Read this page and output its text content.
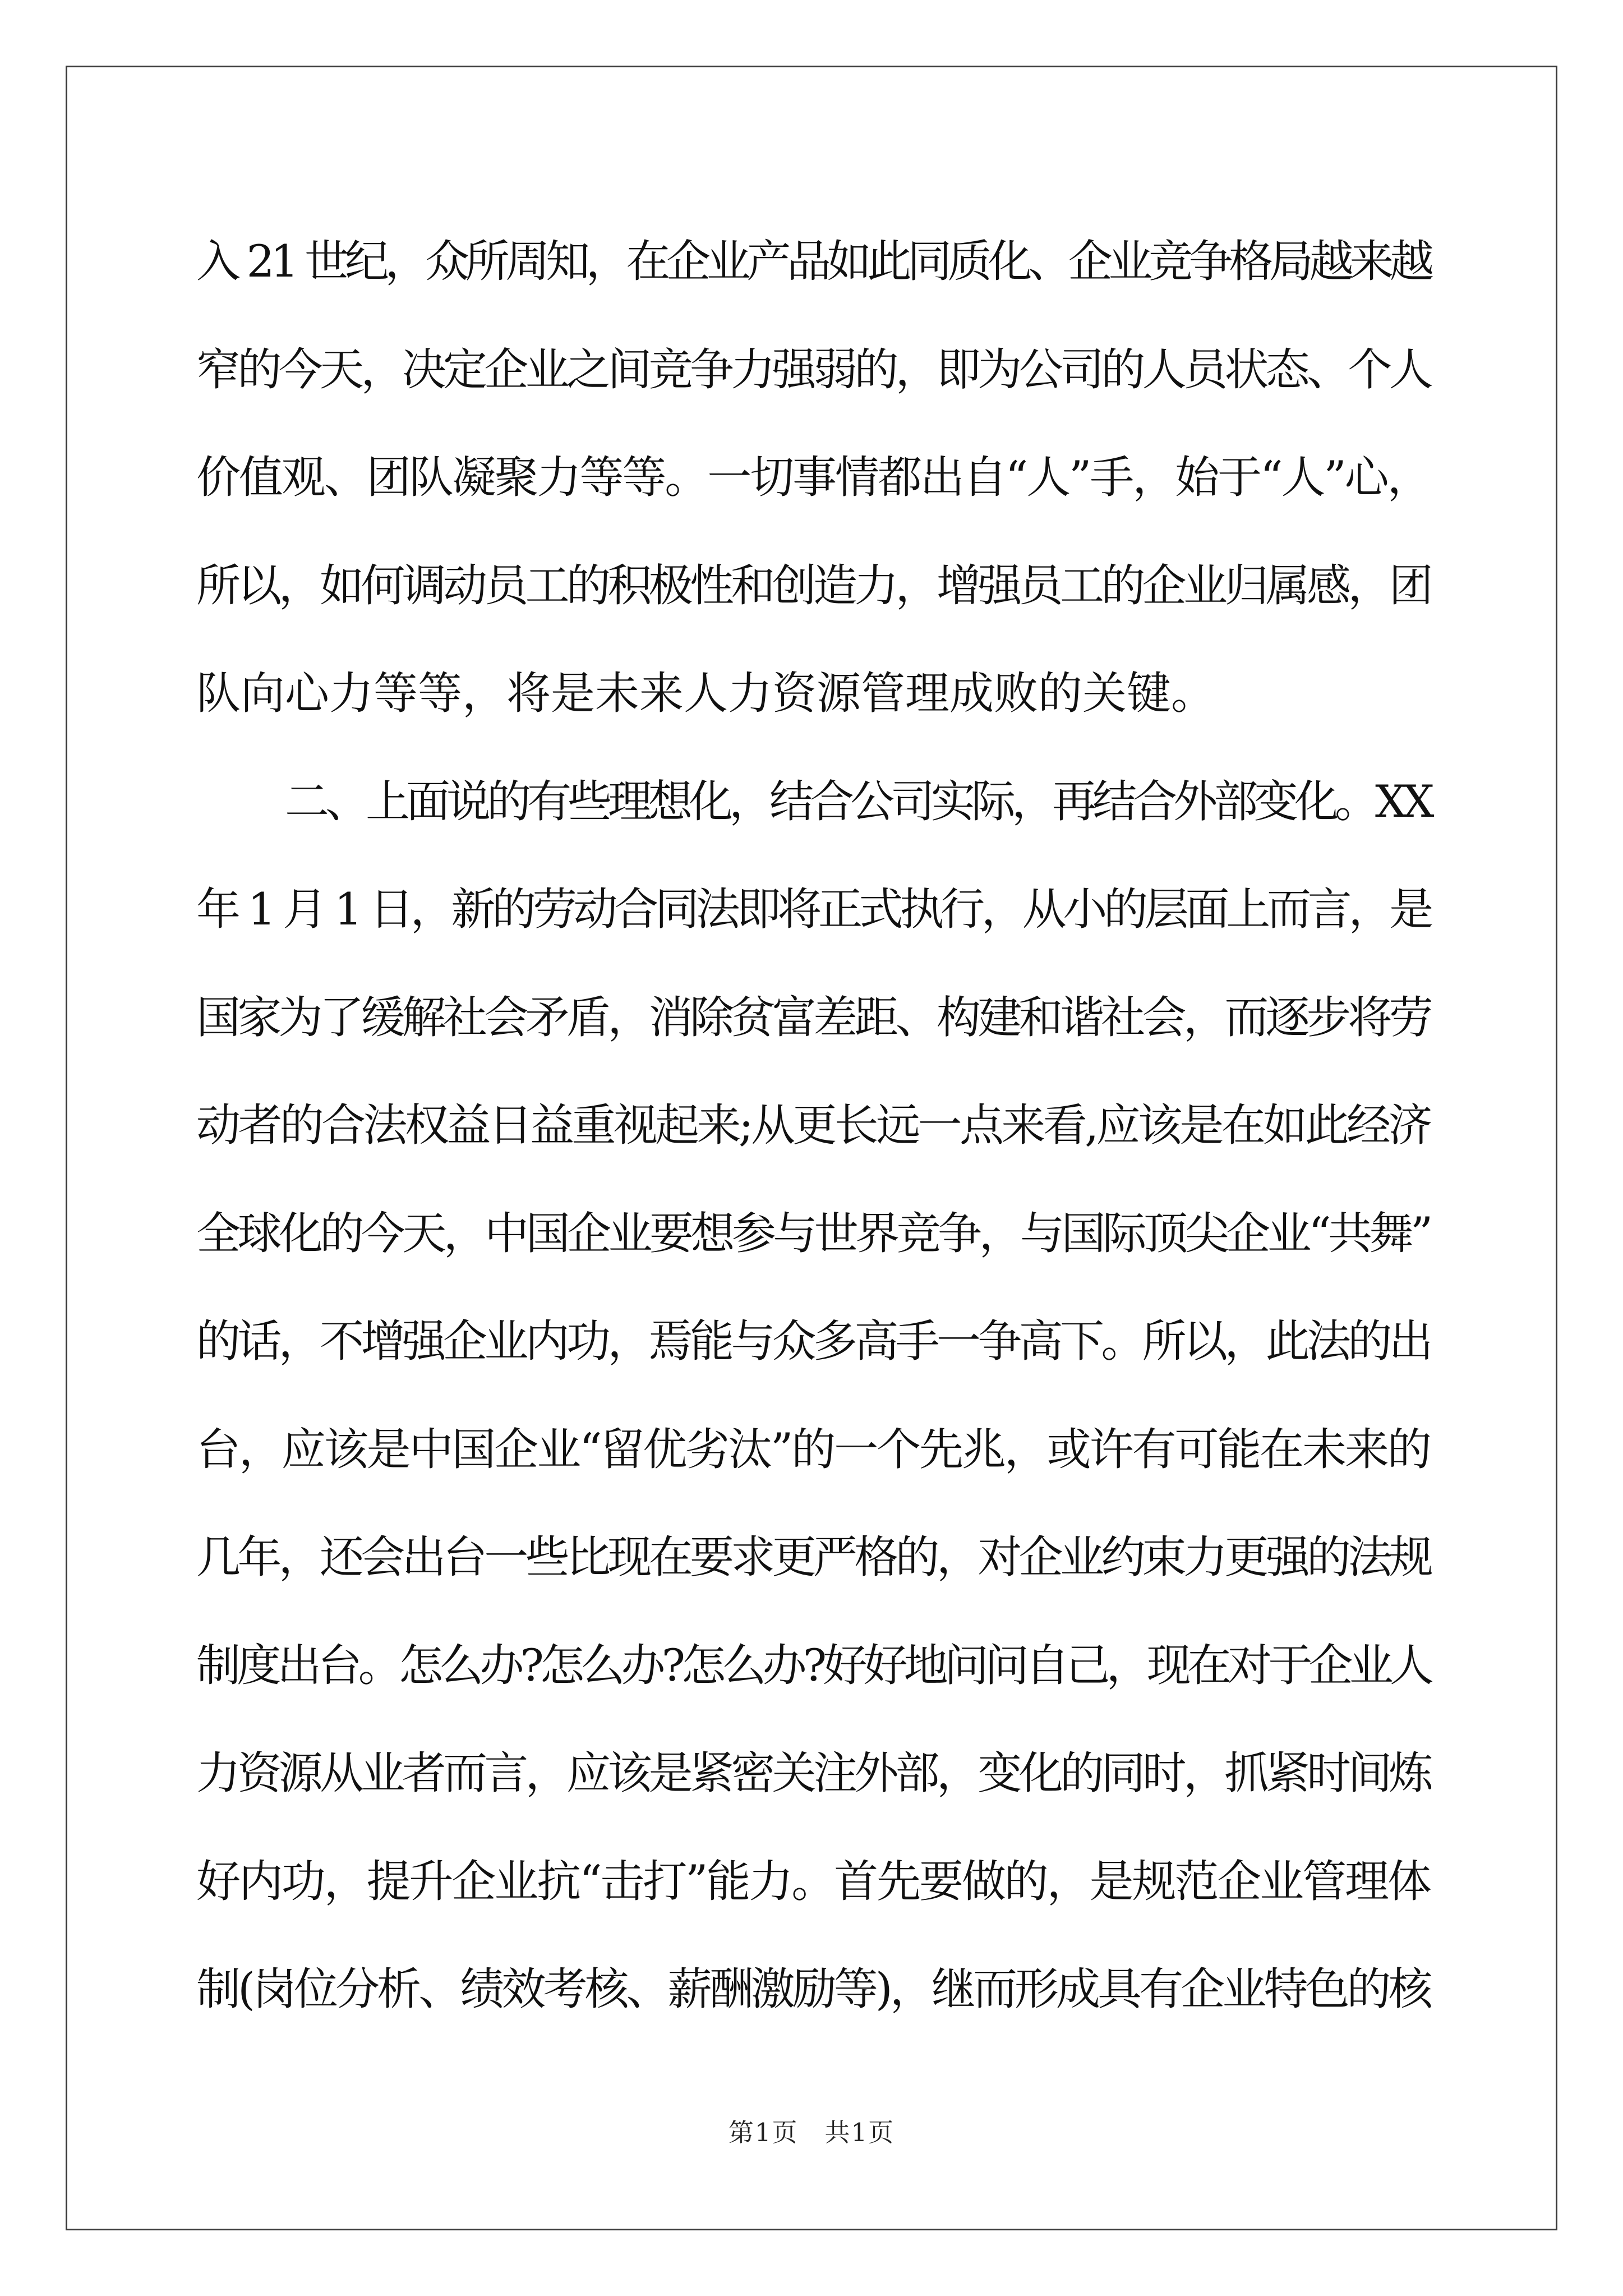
入 21 世纪，众所周知，在企业产品如此同质化、企业竞争格局越来越
窄的今天，决定企业之间竞争力强弱的，即为公司的人员状态、个人
价值观、团队凝聚力等等。一切事情都出自“人”手，始于“人”心，
所以，如何调动员工的积极性和创造力，增强员工的企业归属感，团
队向心力等等，将是未来人力资源管理成败的关键。
二、上面说的有些理想化，结合公司实际，再结合外部变化。XX
年 1 月 1 日，新的劳动合同法即将正式执行，从小的层面上而言，是
国家为了缓解社会矛盾，消除贫富差距、构建和谐社会，而逐步将劳
动者的合法权益日益重视起来;从更长远一点来看,应该是在如此经济
全球化的今天，中国企业要想参与世界竞争，与国际顶尖企业“共舞”
的话，不增强企业内功，焉能与众多高手一争高下。所以，此法的出
台，应该是中国企业“留优劣汰”的一个先兆，或许有可能在未来的
几年，还会出台一些比现在要求更严格的，对企业约束力更强的法规
制度出台。怎么办?怎么办?怎么办?好好地问问自己，现在对于企业人
力资源从业者而言，应该是紧密关注外部，变化的同时，抓紧时间炼
好内功，提升企业抗“击打”能力。首先要做的，是规范企业管理体
制(岗位分析、绩效考核、薪酬激励等)，继而形成具有企业特色的核
第1页　共1页
